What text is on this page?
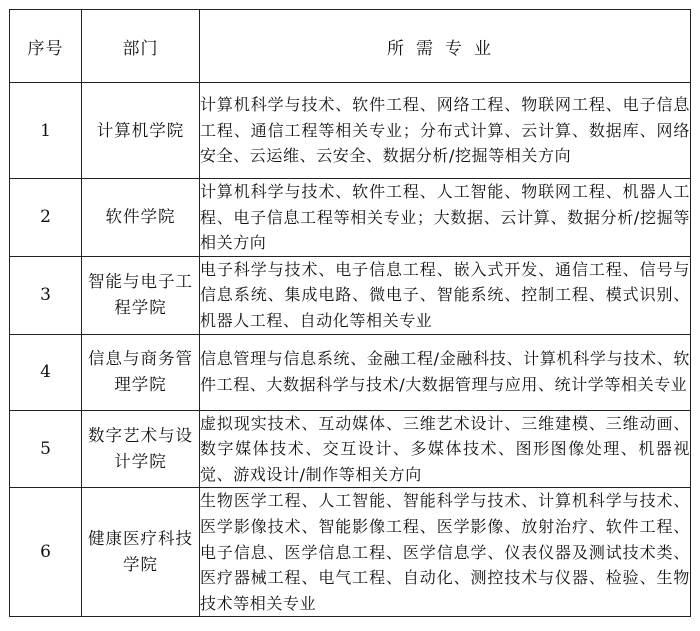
序号	部门	所需专业
1	计算机学院	计算机科学与技术、软件工程、网络工程、物联网工程、电子信息工程、通信工程等相关专业；分布式计算、云计算、数据库、网络安全、云运维、云安全、数据分析/挖掘等相关方向
2	软件学院	计算机科学与技术、软件工程、人工智能、物联网工程、机器人工程、电子信息工程等相关专业；大数据、云计算、数据分析/挖掘等相关方向
3	智能与电子工程学院	电子科学与技术、电子信息工程、嵌入式开发、通信工程、信号与信息系统、集成电路、微电子、智能系统、控制工程、模式识别、机器人工程、自动化等相关专业
4	信息与商务管理学院	信息管理与信息系统、金融工程/金融科技、计算机科学与技术、软件工程、大数据科学与技术/大数据管理与应用、统计学等相关专业
5	数字艺术与设计学院	虚拟现实技术、互动媒体、三维艺术设计、三维建模、三维动画、数字媒体技术、交互设计、多媒体技术、图形图像处理、机器视觉、游戏设计/制作等相关方向
6	健康医疗科技学院	生物医学工程、人工智能、智能科学与技术、计算机科学与技术、医学影像技术、智能影像工程、医学影像、放射治疗、软件工程、电子信息、医学信息工程、医学信息学、仪表仪器及测试技术类、医疗器械工程、电气工程、自动化、测控技术与仪器、检验、生物技术等相关专业
